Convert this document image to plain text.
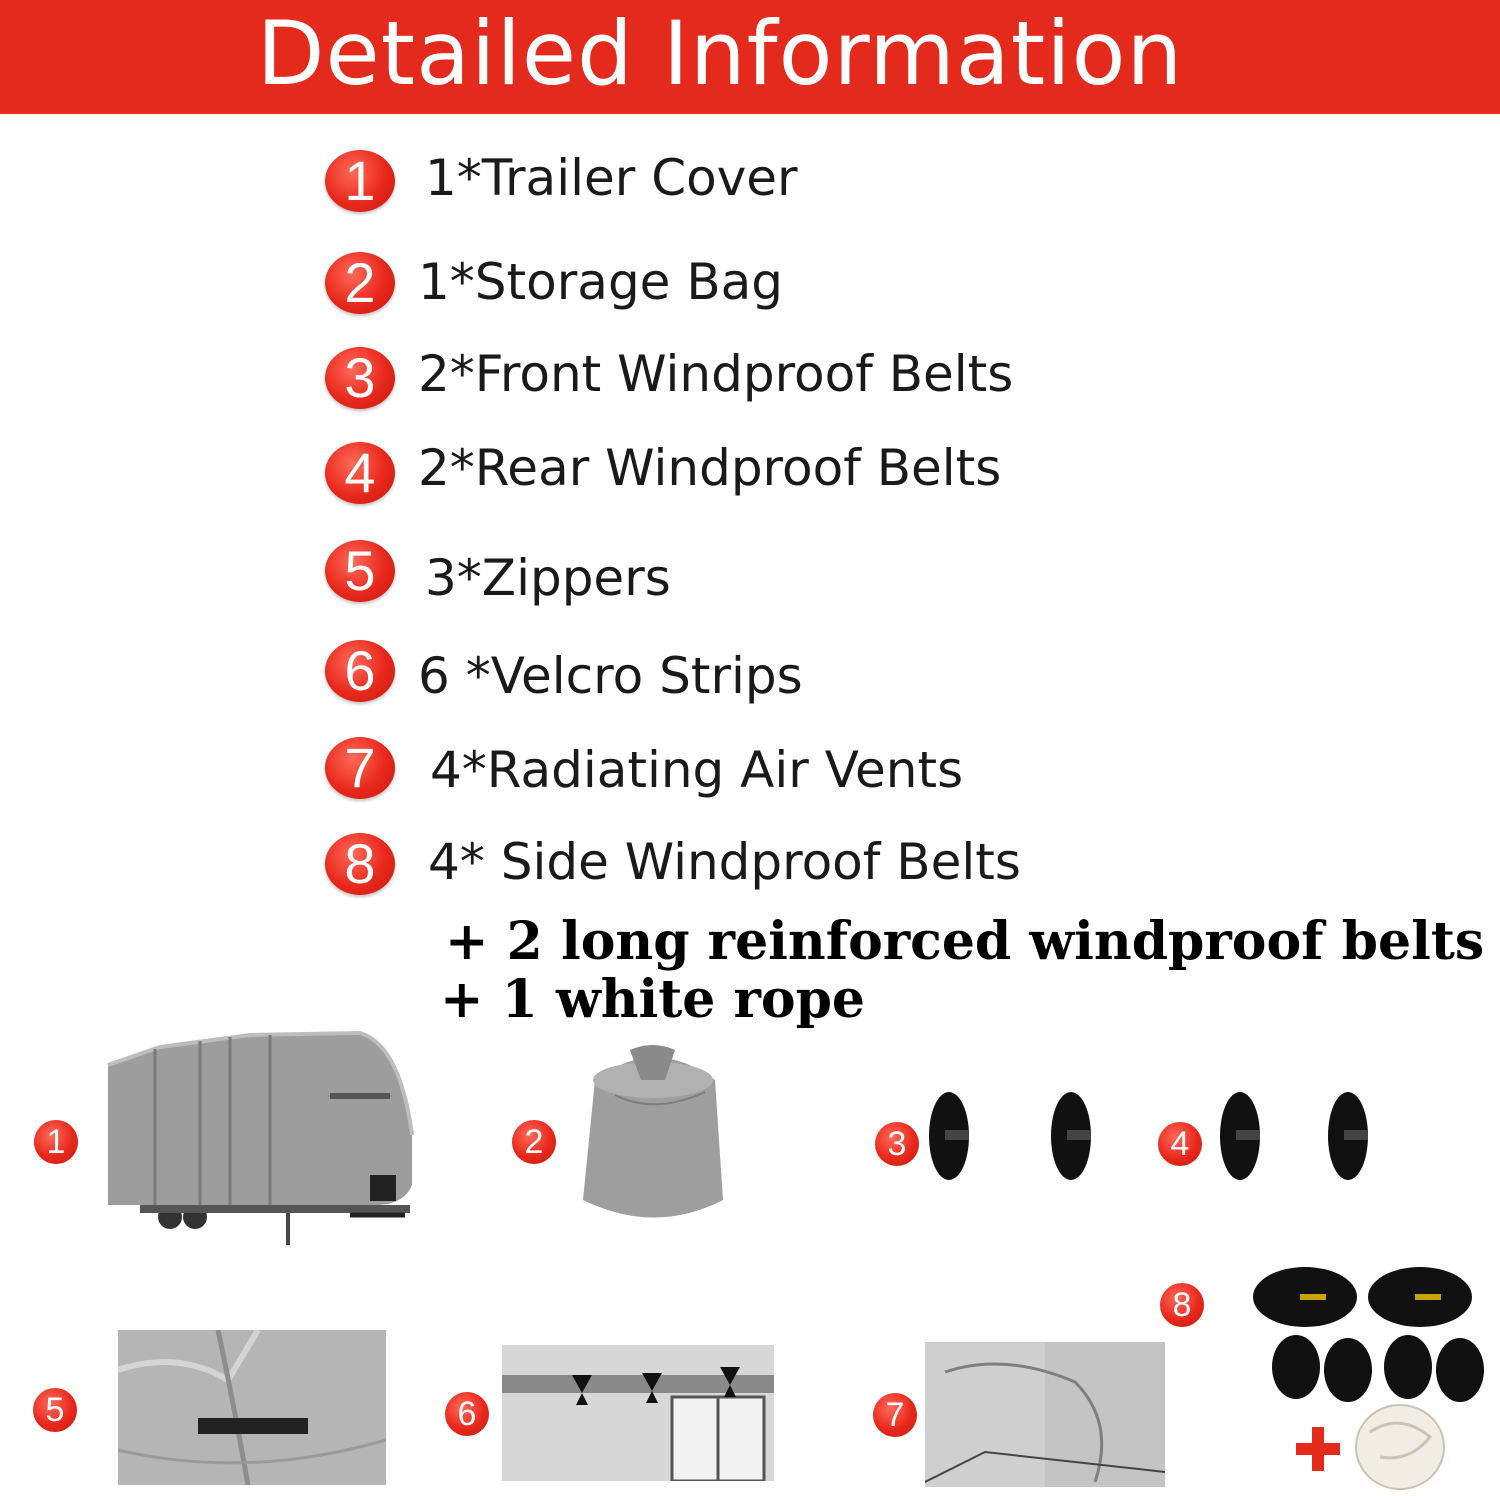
Detailed Information
1 1*Trailer Cover
2 1*Storage Bag
3 2*Front Windproof Belts
4 2*Rear Windproof Belts
5 3*Zippers
6 6 *Velcro Strips
7	4*Radiating Air Vents
8	4* Side Windproof Belts
+ 2 long reinforced windproof belts
+ 1 white rope
1	2	3	4
5	6	7
8
